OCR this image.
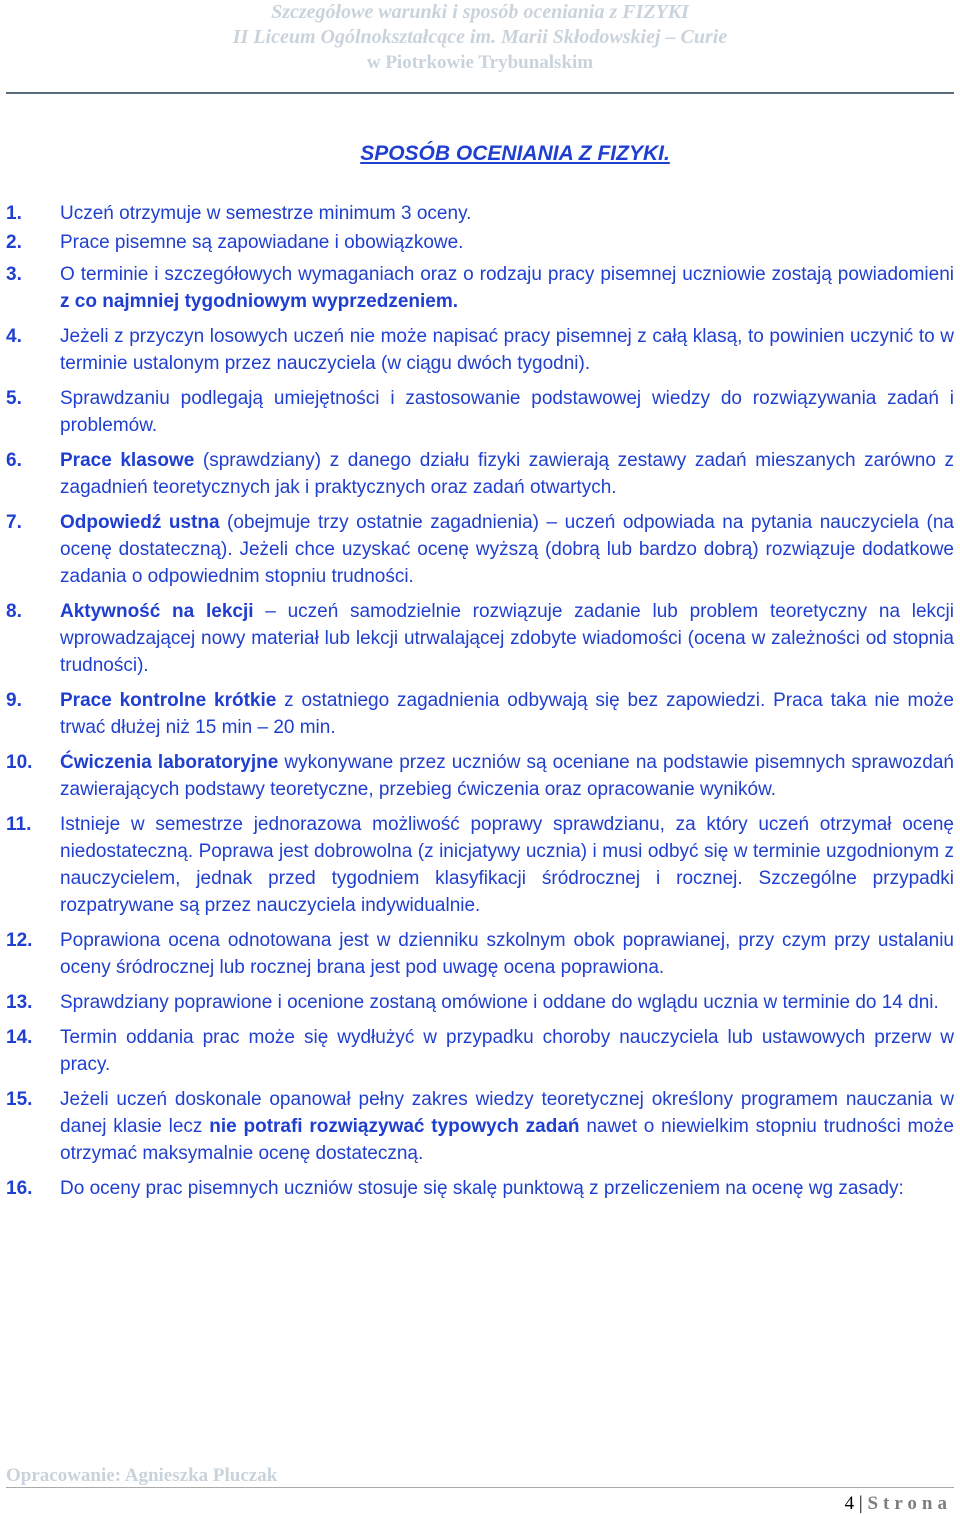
Szczegółowe warunki i sposób oceniania z FIZYKI
II Liceum Ogólnokształcące im. Marii Skłodowskiej – Curie
w Piotrkowie Trybunalskim
SPOSÓB OCENIANIA Z FIZYKI.
1.	Uczeń otrzymuje w semestrze minimum 3 oceny.
2.	Prace pisemne są zapowiadane i obowiązkowe.
3.	O terminie i szczegółowych wymaganiach oraz o rodzaju pracy pisemnej uczniowie zostają powiadomieni z co najmniej tygodniowym wyprzedzeniem.
4.	Jeżeli z przyczyn losowych uczeń nie może napisać pracy pisemnej z całą klasą, to powinien uczynić to w terminie ustalonym przez nauczyciela (w ciągu dwóch tygodni).
5.	Sprawdzaniu podlegają umiejętności i zastosowanie podstawowej wiedzy do rozwiązywania zadań i problemów.
6.	Prace klasowe (sprawdziany) z danego działu fizyki zawierają zestawy zadań mieszanych zarówno z zagadnień teoretycznych jak i praktycznych oraz zadań otwartych.
7.	Odpowiedź ustna (obejmuje trzy ostatnie zagadnienia) – uczeń odpowiada na pytania nauczyciela (na ocenę dostateczną). Jeżeli chce uzyskać ocenę wyższą (dobrą lub bardzo dobrą) rozwiązuje dodatkowe zadania o odpowiednim stopniu trudności.
8.	Aktywność na lekcji – uczeń samodzielnie rozwiązuje zadanie lub problem teoretyczny na lekcji wprowadzającej nowy materiał lub lekcji utrwalającej zdobyte wiadomości (ocena w zależności od stopnia trudności).
9.	Prace kontrolne krótkie z ostatniego zagadnienia odbywają się bez zapowiedzi. Praca taka nie może trwać dłużej niż 15 min – 20 min.
10.	Ćwiczenia laboratoryjne wykonywane przez uczniów są oceniane na podstawie pisemnych sprawozdań zawierających podstawy teoretyczne, przebieg ćwiczenia oraz opracowanie wyników.
11.	Istnieje w semestrze jednorazowa możliwość poprawy sprawdzianu, za który uczeń otrzymał ocenę niedostateczną. Poprawa jest dobrowolna (z inicjatywy ucznia) i musi odbyć się w terminie uzgodnionym z nauczycielem, jednak przed tygodniem klasyfikacji śródrocznej i rocznej. Szczególne przypadki rozpatrywane są przez nauczyciela indywidualnie.
12.	Poprawiona ocena odnotowana jest w dzienniku szkolnym obok poprawianej, przy czym przy ustalaniu oceny śródrocznej lub rocznej brana jest pod uwagę ocena poprawiona.
13.	Sprawdziany poprawione i ocenione zostaną omówione i oddane do wglądu ucznia w terminie do 14 dni.
14.	Termin oddania prac może się wydłużyć w przypadku choroby nauczyciela lub ustawowych przerw w pracy.
15.	Jeżeli uczeń doskonale opanował pełny zakres wiedzy teoretycznej określony programem nauczania w danej klasie lecz nie potrafi rozwiązywać typowych zadań nawet o niewielkim stopniu trudności może otrzymać maksymalnie ocenę dostateczną.
16.	Do oceny prac pisemnych uczniów stosuje się skalę punktową z przeliczeniem na ocenę wg zasady:
Opracowanie: Agnieszka Pluczak
4 | Strona
